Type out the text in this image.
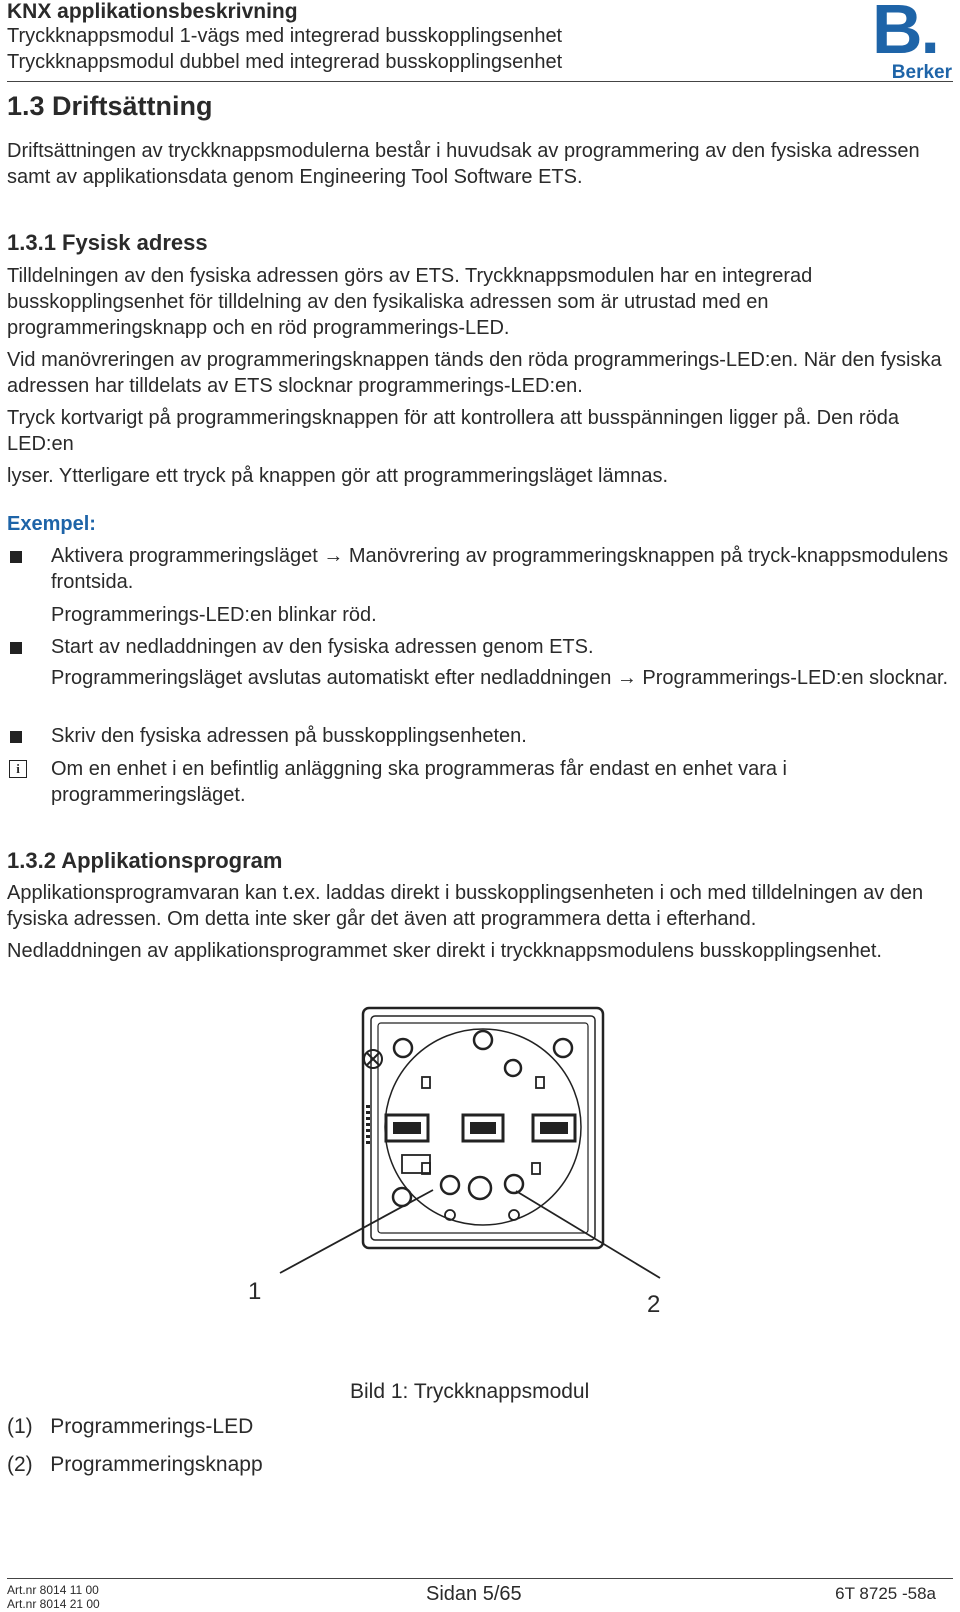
KNX applikationsbeskrivning
Tryckknappsmodul 1-vägs med integrerad busskopplingsenhet
Tryckknappsmodul dubbel med integrerad busskopplingsenhet	B.
Berker
1.3 Driftsättning
Driftsättningen av tryckknappsmodulerna består i huvudsak av programmering av den fysiska adressen samt av applikationsdata genom Engineering Tool Software ETS.
1.3.1 Fysisk adress
Tilldelningen av den fysiska adressen görs av ETS. Tryckknappsmodulen har en integrerad busskopplingsenhet för tilldelning av den fysikaliska adressen som är utrustad med en programmeringsknapp och en röd programmerings-LED.
Vid manövreringen av programmeringsknappen tänds den röda programmerings-LED:en. När den fysiska adressen har tilldelats av ETS slocknar programmerings-LED:en.
Tryck kortvarigt på programmeringsknappen för att kontrollera att busspänningen ligger på. Den röda LED:en
lyser. Ytterligare ett tryck på knappen gör att programmeringsläget lämnas.
Exempel:
Aktivera programmeringsläget → Manövrering av programmeringsknappen på tryck-knappsmodulens frontsida.
Programmerings-LED:en blinkar röd.
Start av nedladdningen av den fysiska adressen genom ETS.
Programmeringsläget avslutas automatiskt efter nedladdningen → Programmerings-LED:en slocknar.
Skriv den fysiska adressen på busskopplingsenheten.
i	Om en enhet i en befintlig anläggning ska programmeras får endast en enhet vara i programmeringsläget.
1.3.2 Applikationsprogram
Applikationsprogramvaran kan t.ex. laddas direkt i busskopplingsenheten i och med tilldelningen av den fysiska adressen. Om detta inte sker går det även att programmera detta i efterhand.
Nedladdningen av applikationsprogrammet sker direkt i tryckknappsmodulens busskopplingsenhet.
1	2
Bild 1: Tryckknappsmodul
(1) Programmerings-LED
(2) Programmeringsknapp
Art.nr 8014 11 00
Art.nr 8014 21 00	Sidan 5/65	6T 8725 -58a
